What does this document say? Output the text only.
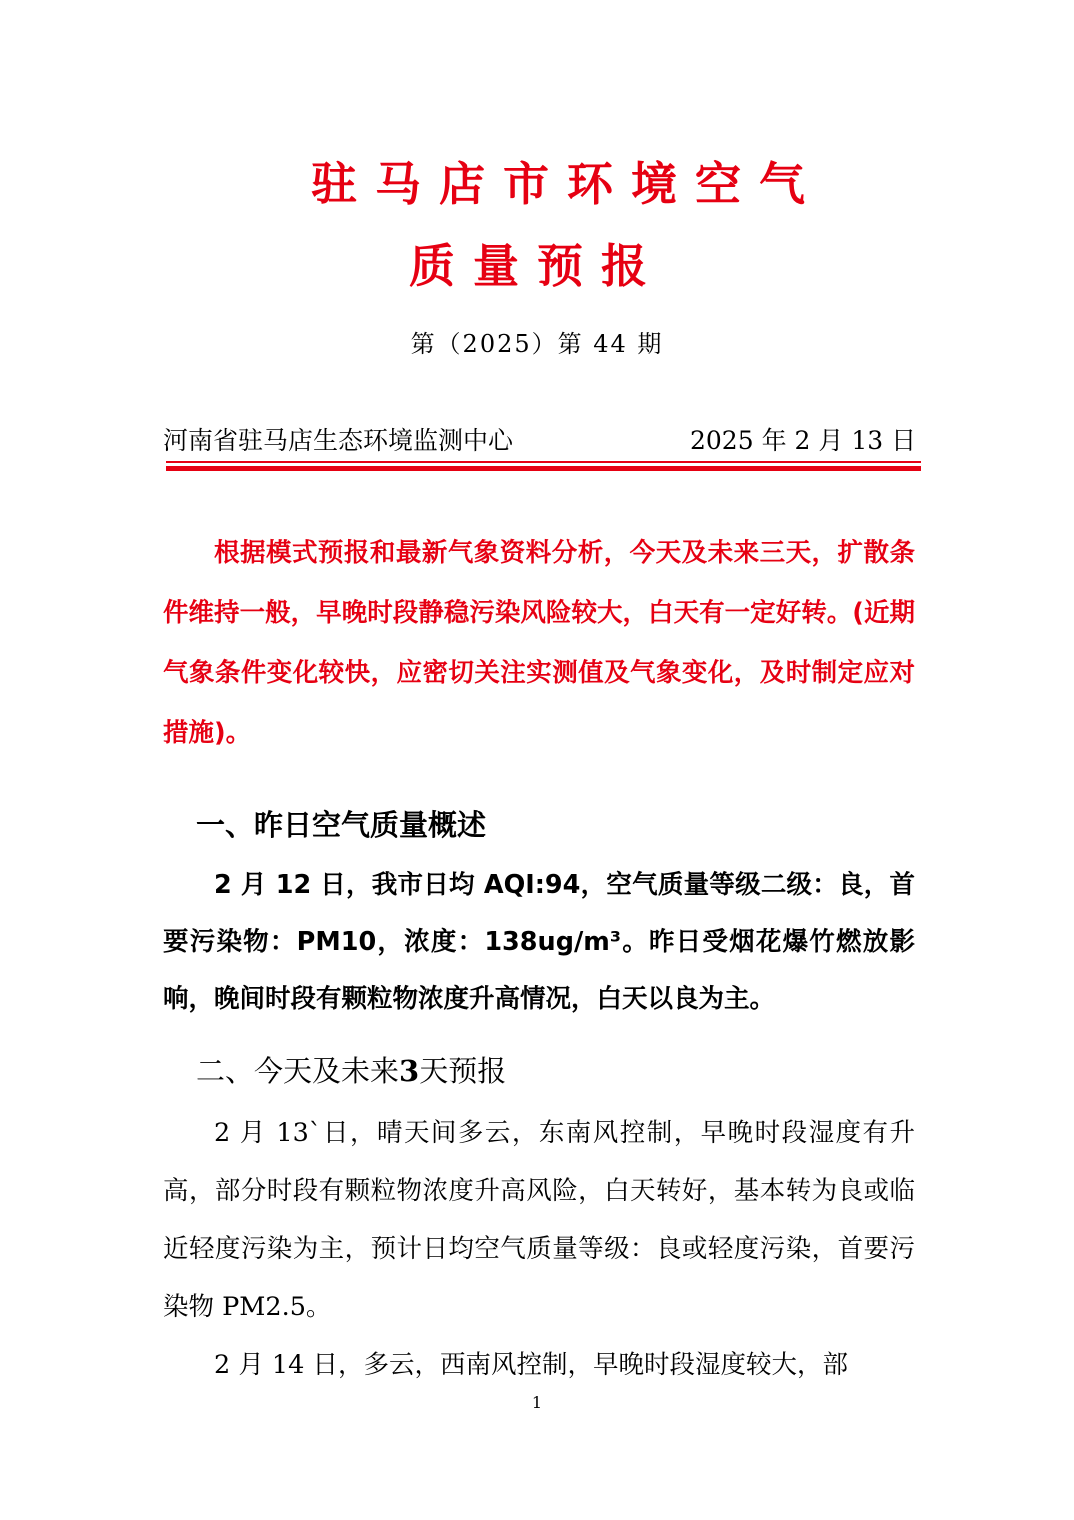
驻马店市环境空气
质量预报
第（2025）第 44 期
河南省驻马店生态环境监测中心	2025 年 2 月 13 日
根据模式预报和最新气象资料分析，今天及未来三天，扩散条件维持一般，早晚时段静稳污染风险较大，白天有一定好转。(近期气象条件变化较快，应密切关注实测值及气象变化，及时制定应对措施)。
一、昨日空气质量概述
2 月 12 日，我市日均 AQI:94，空气质量等级二级：良，首要污染物：PM10，浓度：138ug/m³。昨日受烟花爆竹燃放影响，晚间时段有颗粒物浓度升高情况，白天以良为主。
二、今天及未来3天预报
2 月 13`日，晴天间多云，东南风控制，早晚时段湿度有升高，部分时段有颗粒物浓度升高风险，白天转好，基本转为良或临近轻度污染为主，预计日均空气质量等级：良或轻度污染，首要污染物 PM2.5。
2 月 14 日，多云，西南风控制，早晚时段湿度较大，部
1
